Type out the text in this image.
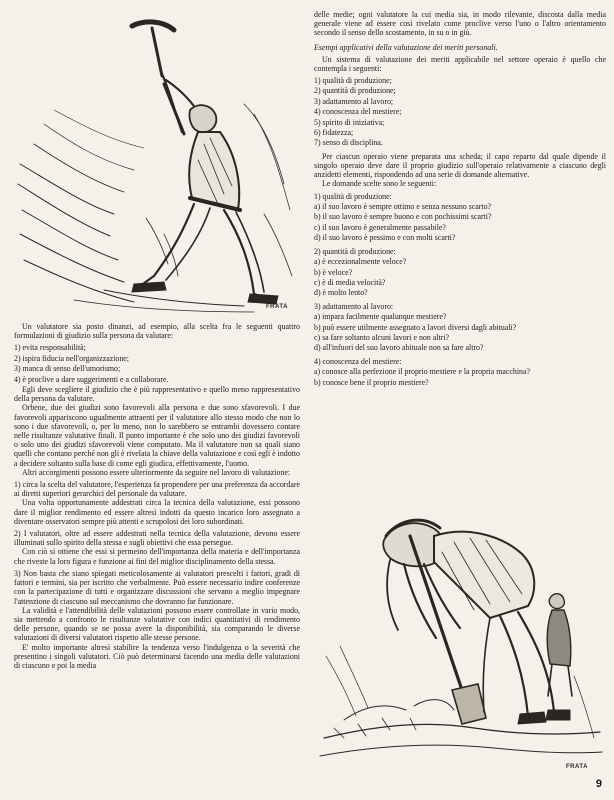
FRATA

Un valutatore sia posto dinanzi, ad esempio, alla scelta fra le seguenti quattro formulazioni di giudizio sulla persona da valutare:

1) evita responsabilità;

2) ispira fiducia nell'organizzazione;

3) manca di senso dell'umorismo;

4) è proclive a dare suggerimenti e a collaborare.

Egli deve scegliere il giudizio che è più rappresentativo e quello meno rappresentativo della persona da valutare.

Orbene, due dei giudizi sono favorevoli alla persona e due sono sfavorevoli. I due favorevoli appariscono ugualmente attraenti per il valutatore allo stesso modo che non lo sono i due sfavorevoli, o, per lo meno, non lo sarebbero se entrambi dovessero contare nelle risultanze valutative finali. Il punto importante è che solo uno dei giudizi favorevoli o solo uno dei giudizi sfavorevoli viene computato. Ma il valutatore non sa quali siano quelli che contano perché non gli è rivelata la chiave della valutazione e così egli è indotto a decidere soltanto sulla base di come egli giudica, effettivamente, l'uomo.

Altri accorgimenti possono essere ulteriormente da seguire nel lavoro di valutazione:

1) circa la scelta del valutatore, l'esperienza fa propendere per una preferenza da accordare ai diretti superiori gerarchici del personale da valutare.

Una volta opportunamente addestrati circa la tecnica della valutazione, essi possono dare il miglior rendimento ed essere altresì indotti da questo incarico loro assegnato a diventare osservatori sempre più attenti e scrupolosi dei loro subordinati.

2) I valutatori, oltre ad essere addestrati nella tecnica della valutazione, devono essere illuminati sullo spirito della stessa e sugli obiettivi che essa persegue.

Con ciò si ottiene che essi si permeino dell'importanza della materia e dell'importanza che riveste la loro figura e funzione ai fini del miglior disciplinamento della stessa.

3) Non basta che siano spiegati meticolosamente ai valutatori prescelti i fattori, gradi di fattori e termini, sia per iscritto che verbalmente. Può essere necessario indire conferenze con la partecipazione di tutti e organizzare discussioni che servano a meglio impegnare l'attenzione di ciascuno sul meccanismo che dovranno far funzionare.

La validità e l'attendibilità delle valutazioni possono essere controllate in vario modo, sia mettendo a confronto le risultanze valutative con indici quantitativi di rendimento delle persone, quando se ne possa avere la disponibilità, sia comparando le diverse valutazioni di diversi valutatori rispetto alle stesse persone.

E' molto importante altresì stabilire la tendenza verso l'indulgenza o la severità che presentino i singoli valutatori. Ciò può determinarsi facendo una media delle valutazioni di ciascuno e poi la media

delle medie; ogni valutatore la cui media sia, in modo rilevante, discosta dalla media generale viene ad essere così rivelato come proclive verso l'uno o l'altro orientamento secondo il senso dello scostamento, in su o in giù.

Esempi applicativi della valutazione dei meriti personali.

Un sistema di valutazione dei meriti applicabile nel settore operaio è quello che contempla i seguenti:

1) qualità di produzione;

2) quantità di produzione;

3) adattamento al lavoro;

4) conoscenza del mestiere;

5) spirito di iniziativa;

6) fidatezza;

7) senso di disciplina.

Per ciascun operaio viene preparata una scheda; il capo reparto dal quale dipende il singolo operaio deve dare il proprio giudizio sull'operaio relativamente a ciascuno degli anzidetti elementi, rispondendo ad una serie di domande alternative.

Le domande scelte sono le seguenti:

1) qualità di produzione:

a) il suo lavoro è sempre ottimo e senza nessuno scarto?

b) il suo lavoro è sempre buono e con pochissimi scarti?

c) il suo lavoro è generalmente passabile?

d) il suo lavoro è pessimo e con molti scarti?

2) quantità di produzione:

a) è eccezionalmente veloce?

b) è veloce?

c) è di media velocità?

d) è molto lento?

3) adattamento al lavoro:

a) impara facilmente qualunque mestiere?

b) può essere utilmente assegnato a lavori diversi dagli abituali?

c) sa fare soltanto alcuni lavori e non altri?

d) all'infuori del suo lavoro abituale non sa fare altro?

4) conoscenza del mestiere:

a) conosce alla perfezione il proprio mestiere e la propria macchina?

b) conosce bene il proprio mestiere?

FRATA
9
